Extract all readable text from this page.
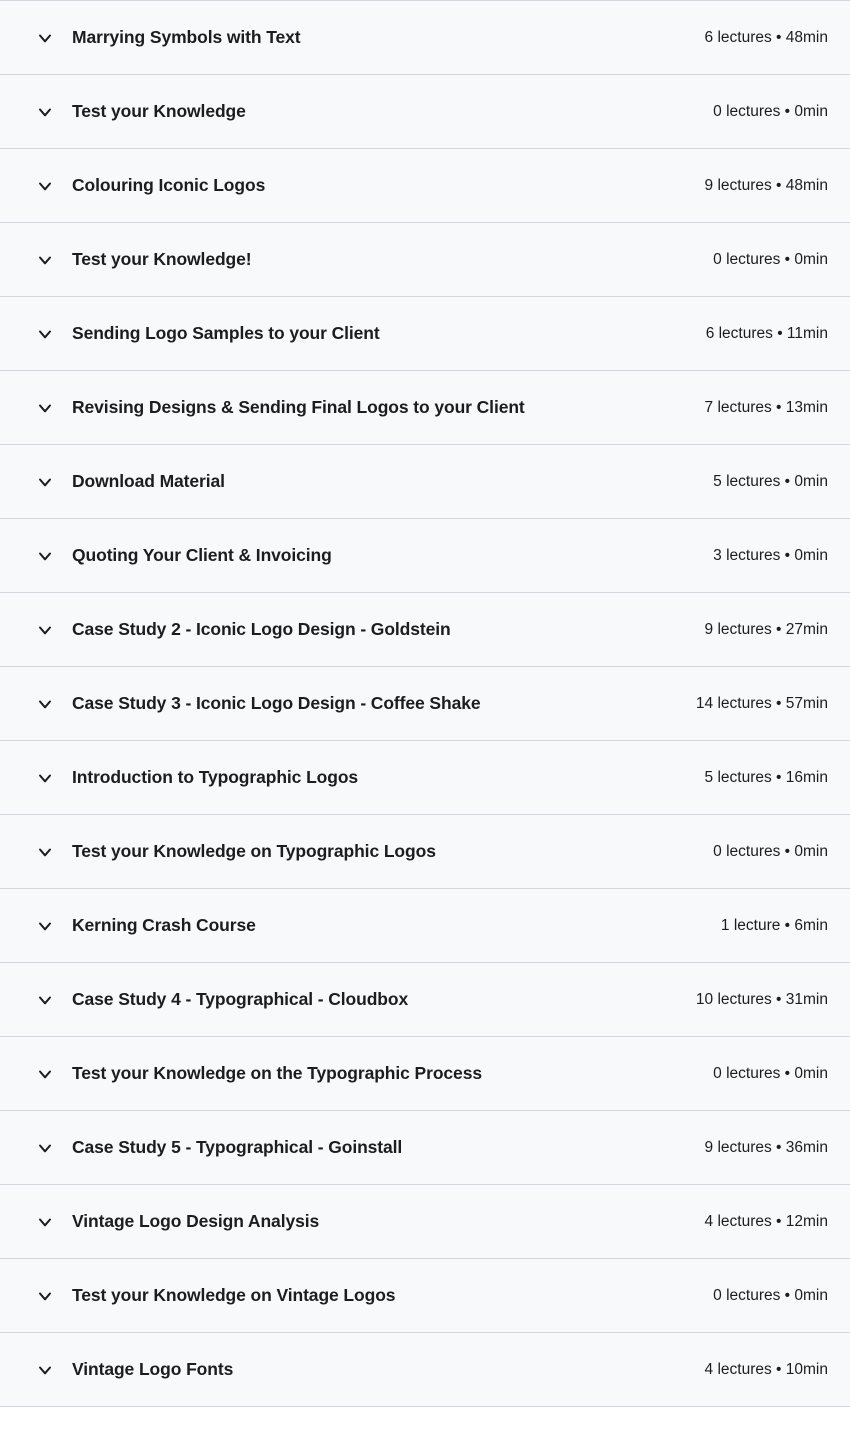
Marrying Symbols with Text	6 lectures • 48min
Test your Knowledge	0 lectures • 0min
Colouring Iconic Logos	9 lectures • 48min
Test your Knowledge!	0 lectures • 0min
Sending Logo Samples to your Client	6 lectures • 11min
Revising Designs & Sending Final Logos to your Client	7 lectures • 13min
Download Material	5 lectures • 0min
Quoting Your Client & Invoicing	3 lectures • 0min
Case Study 2 - Iconic Logo Design - Goldstein	9 lectures • 27min
Case Study 3 - Iconic Logo Design - Coffee Shake	14 lectures • 57min
Introduction to Typographic Logos	5 lectures • 16min
Test your Knowledge on Typographic Logos	0 lectures • 0min
Kerning Crash Course	1 lecture • 6min
Case Study 4 - Typographical - Cloudbox	10 lectures • 31min
Test your Knowledge on the Typographic Process	0 lectures • 0min
Case Study 5 - Typographical - Goinstall	9 lectures • 36min
Vintage Logo Design Analysis	4 lectures • 12min
Test your Knowledge on Vintage Logos	0 lectures • 0min
Vintage Logo Fonts	4 lectures • 10min
